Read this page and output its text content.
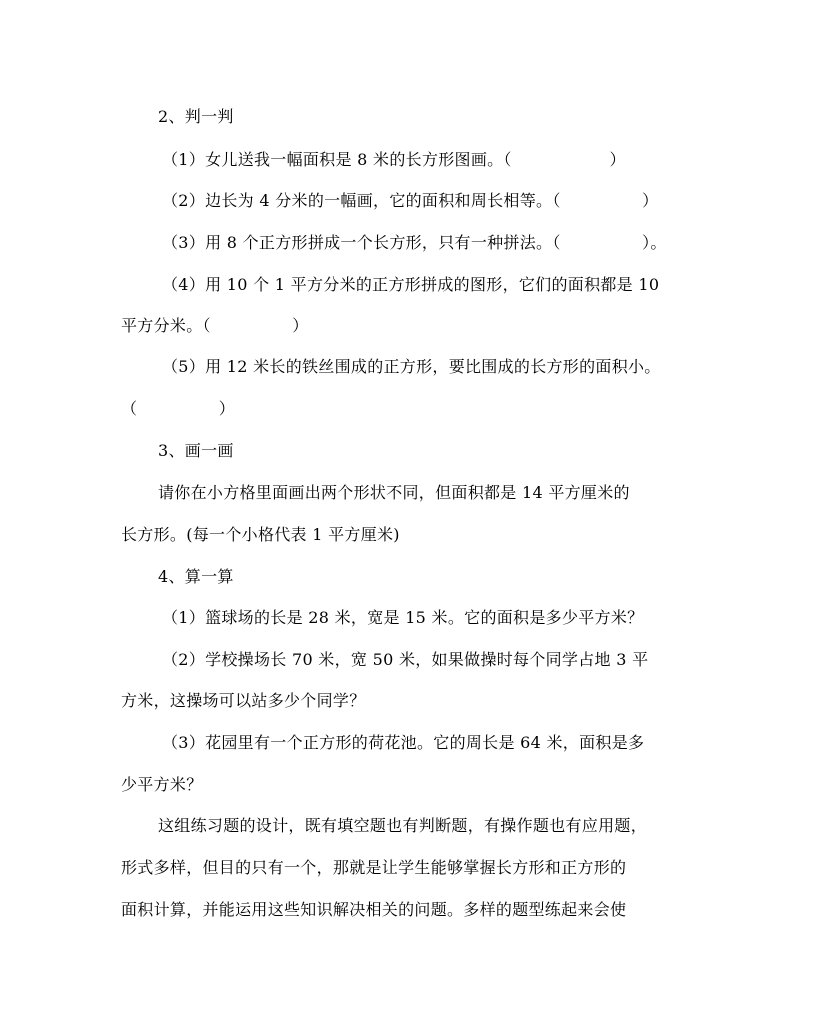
2、判一判
（1）女儿送我一幅面积是 8 米的长方形图画。（　　　　　　）
（2）边长为 4 分米的一幅画，它的面积和周长相等。（　　　　　）
（3）用 8 个正方形拼成一个长方形，只有一种拼法。（　　　　　）。
（4）用 10 个 1 平方分米的正方形拼成的图形，它们的面积都是 10
平方分米。（　　　　　）
（5）用 12 米长的铁丝围成的正方形，要比围成的长方形的面积小。
（　　　　　）
3、画一画
请你在小方格里面画出两个形状不同，但面积都是 14 平方厘米的
长方形。(每一个小格代表 1 平方厘米)
4、算一算
（1）篮球场的长是 28 米，宽是 15 米。它的面积是多少平方米？
（2）学校操场长 70 米，宽 50 米，如果做操时每个同学占地 3 平
方米，这操场可以站多少个同学？
（3）花园里有一个正方形的荷花池。它的周长是 64 米，面积是多
少平方米？
这组练习题的设计，既有填空题也有判断题，有操作题也有应用题，
形式多样，但目的只有一个，那就是让学生能够掌握长方形和正方形的
面积计算，并能运用这些知识解决相关的问题。多样的题型练起来会使
